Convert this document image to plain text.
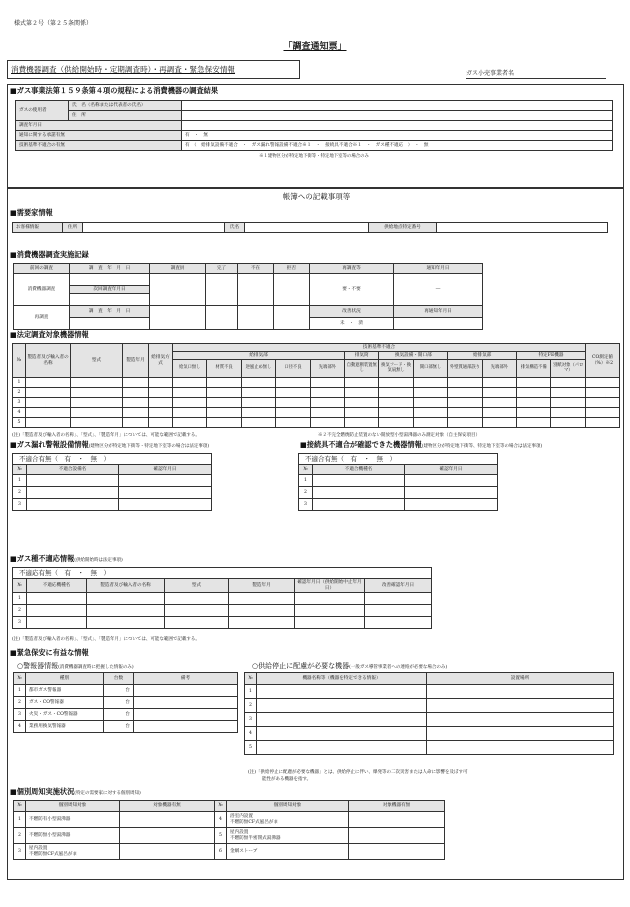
様式第２号（第２５条関係）
「調査通知票」
消費機器調査（供給開始時・定期調査時）・再調査・緊急保安情報	ガス小売事業者名
■ガス事業法第１５９条第４項の規程による消費機器の調査結果
ガスの使用者	氏　名（名称または代表者の氏名）	
	住　所	
調査年月日		
通知に関する承諾有無		有　・　無
技術基準不適合の有無		有　（　給排気設備不適合　・　ガス漏れ警報設備不適合※１　・　接続具不適合※１　・　ガス種不適応　）　・　無
※１建物区分が特定地下街等・特定地下室等の場合のみ
帳簿への記載事項等
■需要家情報
お客様情報	住所		氏名		供給地点特定番号	
■消費機器調査実施記録
前回の調査	調　査　年　月　日	調査員	完了	不在	拒否	再調査等	通知年月日
消費機器調査						要・不要	―
	次回調査年月日						

再調査	調　査　年　月　日					改善状況	再通知年月日
						未　・　済	
■法定調査対象機器情報
№	製造者及び輸入者の名称	型式	製造年月	給排気方式	技術基準不適合												CO測定値（%）※2
					給排気部					排気筒	換気設備・開口部		給排気部		特定FE機器		
					給気口無し	材質不良	逆風止め無し	口径不良	先端部外	自動遮断装置無し	換気フード・換気扇無し	開口部無し	外壁貫通部誤り	先端部外	排気構造不備	別紙対象（パロマ）	
1																	
2																	
3																	
4																	
5																	
(注)「製造者及び輸入者の名称」、「型式」、「製造年月」については、可能な範囲で記載する。	※２不完全燃焼防止装置のない開放型小型湯沸器のみ測定対象（自主保安項目）
■ガス漏れ警報設備情報(建物区分が特定地下街等・特定地下室等の場合は法定事項)
不適合有無（　有　・　無　）
№	不適合設備名	確認年月日
1		
2		
3		
■接続具不適合が確認できた機器情報(建物区分が特定地下街等、特定地下室等の場合は法定事項)
不適合有無（　有　・　無　）
№	不適合機種名	確認年月日
1		
2		
3		
■ガス種不適応情報(供給開始時は法定事項)
不適応有無（　有　・　無　）
№	不適応機種名	製造者及び輸入者の名称	型式	製造年月	確認年月日（供給開始中止年月日）	改善確認年月日
1						
2						
3						
(注)「製造者及び輸入者の名称」、「型式」、「製造年月」については、可能な範囲で記載する。
■緊急保安に有益な情報
○警報器情報(消費機器調査時に把握した情報のみ)
№	種別	台数	備考
1	都市ガス警報器	台	
2	ガス・CO警報器	台	
3	火災・ガス・CO警報器	台	
4	業務用換気警報器	台	
○供給停止に配慮が必要な機器(一般ガス導管事業者への連絡が必要な場合のみ)
№	機器名称等（機器を特定できる情報）	設置場所
1		
2		
3		
4		
5		
(注)「供給停止に配慮が必要な機器」とは、供給停止に伴い、爆発等の二次災害または人命に影響を及ぼす可
能性がある機器を指す。
■個別周知実施状況(特定の需要家に対する個別周知)
№	個別周知対象	対象機器有無	№	個別周知対象	対象機器有無
1	不燃防有小型湯沸器		4	浴室内設置
不燃防無CF式風呂がま	
2	不燃防無小型湯沸器		5	屋内設置
不燃防無半密閉式湯沸器	
3	屋内設置
不燃防無CF式風呂がま		6	金網ストーブ	
